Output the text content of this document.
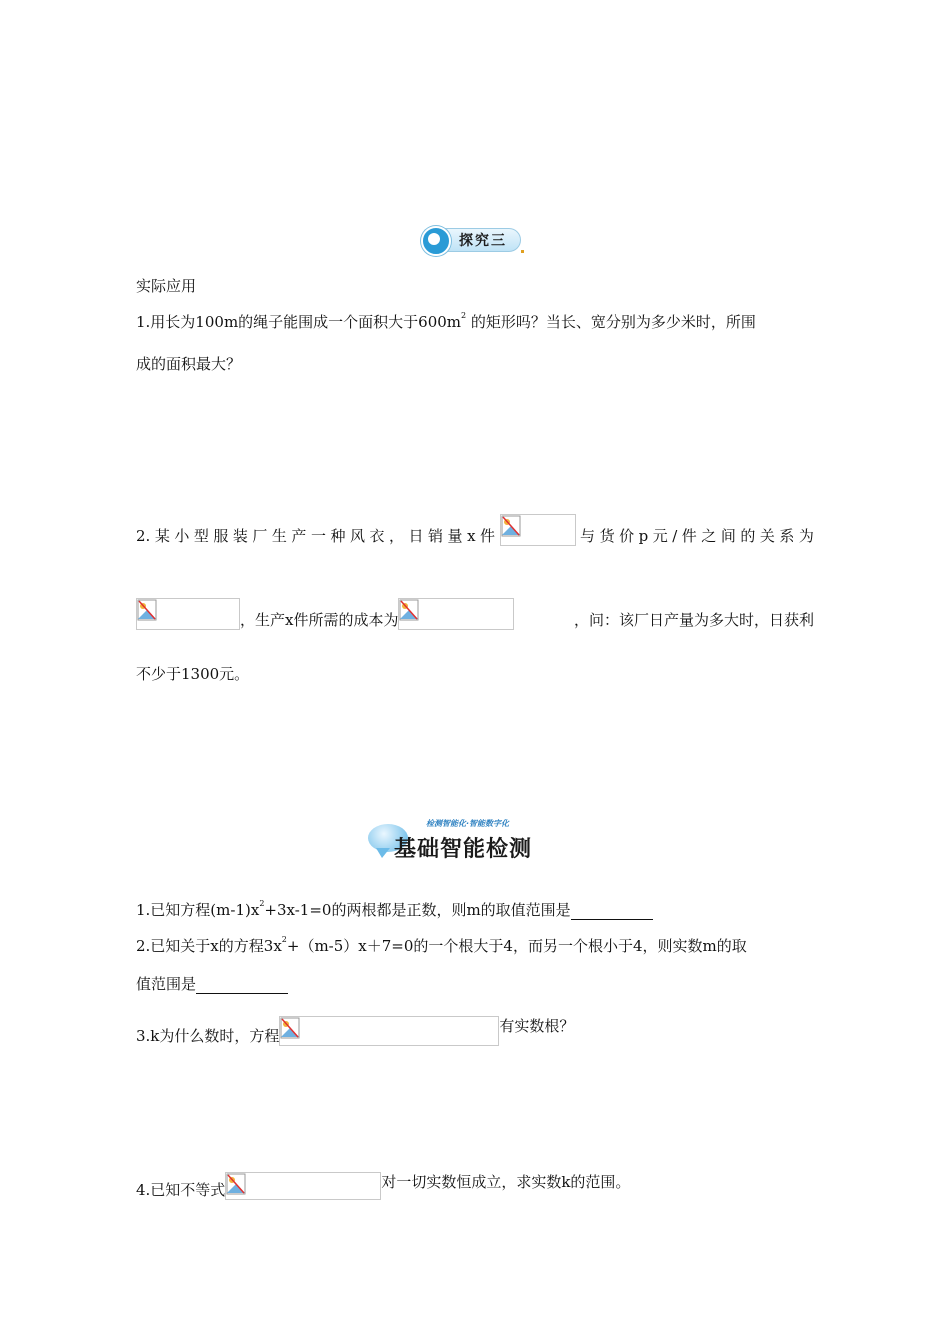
探究三
实际应用
1.用长为100m的绳子能围成一个面积大于$600m^2$ 的矩形吗？当长、宽分别为多少米时，所围
成的面积最大？
2. 某 小 型 服 装 厂 生 产 一 种 风 衣 ， 日 销 量 x 件	与 货 价 p 元 / 件 之 间 的 关 系 为
，生产x件所需的成本为	，问：该厂日产量为多大时，日获利
不少于1300元。
检测智能化·智能数字化
基础智能检测
1.已知方程$(m-1)x^2+3x-1=0$的两根都是正数，则m的取值范围是
2.已知关于x的方程$3x^2+(m-5)x+7=0$的一个根大于4，而另一个根小于4，则实数m的取
值范围是
3.k为什么数时，方程
有实数根？
4.已知不等式	对一切实数恒成立，求实数k的范围。
